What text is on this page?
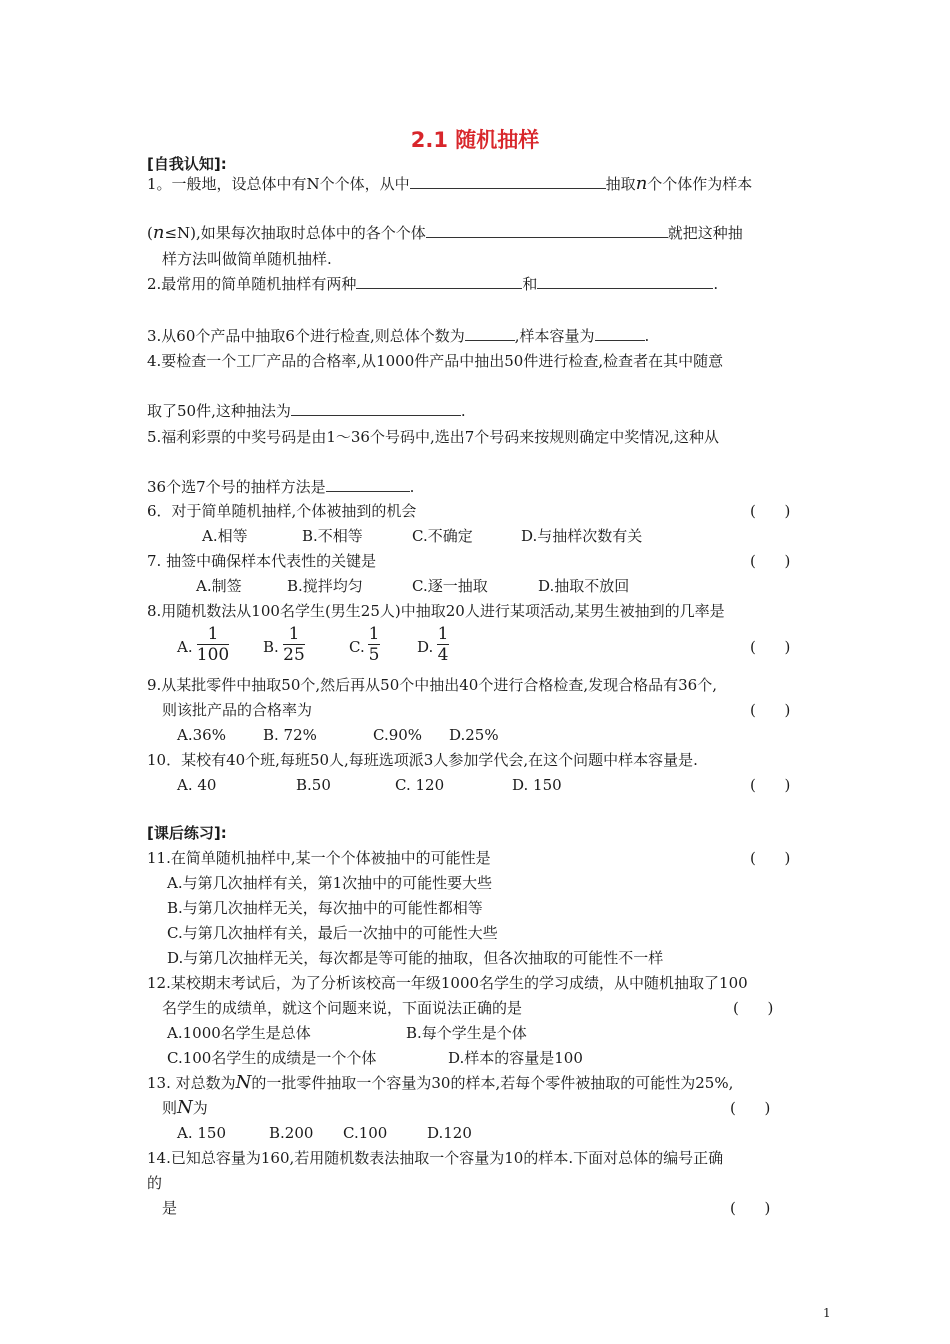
2.1 随机抽样
[自我认知]:
1。一般地，设总体中有N个个体，从中	抽取n个个体作为样本
(n≤N),如果每次抽取时总体中的各个个体	就把这种抽
样方法叫做简单随机抽样.
2.最常用的简单随机抽样有两种	和	.
3.从60个产品中抽取6个进行检查,则总体个数为	,样本容量为	.
4.要检查一个工厂产品的合格率,从1000件产品中抽出50件进行检查,检查者在其中随意
取了50件,这种抽法为	.
5.福利彩票的中奖号码是由1～36个号码中,选出7个号码来按规则确定中奖情况,这种从
36个选7个号的抽样方法是	.
6．对于简单随机抽样,个体被抽到的机会	(      )
A.相等	B.不相等	C.不确定	D.与抽样次数有关
7. 抽签中确保样本代表性的关键是	(      )
A.制签	B.搅拌均匀	C.逐一抽取	D.抽取不放回
8.用随机数法从100名学生(男生25人)中抽取20人进行某项活动,某男生被抽到的几率是
A.
1
100 B.
1
25	C.
1
5	D.
1
4	(      )
9.从某批零件中抽取50个,然后再从50个中抽出40个进行合格检查,发现合格品有36个,
则该批产品的合格率为	(      )
A.36% B. 72%	C.90% D.25%
10．某校有40个班,每班50人,每班选项派3人参加学代会,在这个问题中样本容量是.
A. 40	B.50	C. 120	D. 150	(      )
[课后练习]:
11.在简单随机抽样中,某一个个体被抽中的可能性是	(      )
A.与第几次抽样有关，第1次抽中的可能性要大些
B.与第几次抽样无关，每次抽中的可能性都相等
C.与第几次抽样有关，最后一次抽中的可能性大些
D.与第几次抽样无关，每次都是等可能的抽取，但各次抽取的可能性不一样
12.某校期末考试后，为了分析该校高一年级1000名学生的学习成绩，从中随机抽取了100
名学生的成绩单，就这个问题来说，下面说法正确的是	(      )
A.1000名学生是总体	B.每个学生是个体
C.100名学生的成绩是一个个体	D.样本的容量是100
13. 对总数为N的一批零件抽取一个容量为30的样本,若每个零件被抽取的可能性为25%,
则N为	(      )
A. 150	B.200 C.100	D.120
14.已知总容量为160,若用随机数表法抽取一个容量为10的样本.下面对总体的编号正确
的
是	(      )
1
